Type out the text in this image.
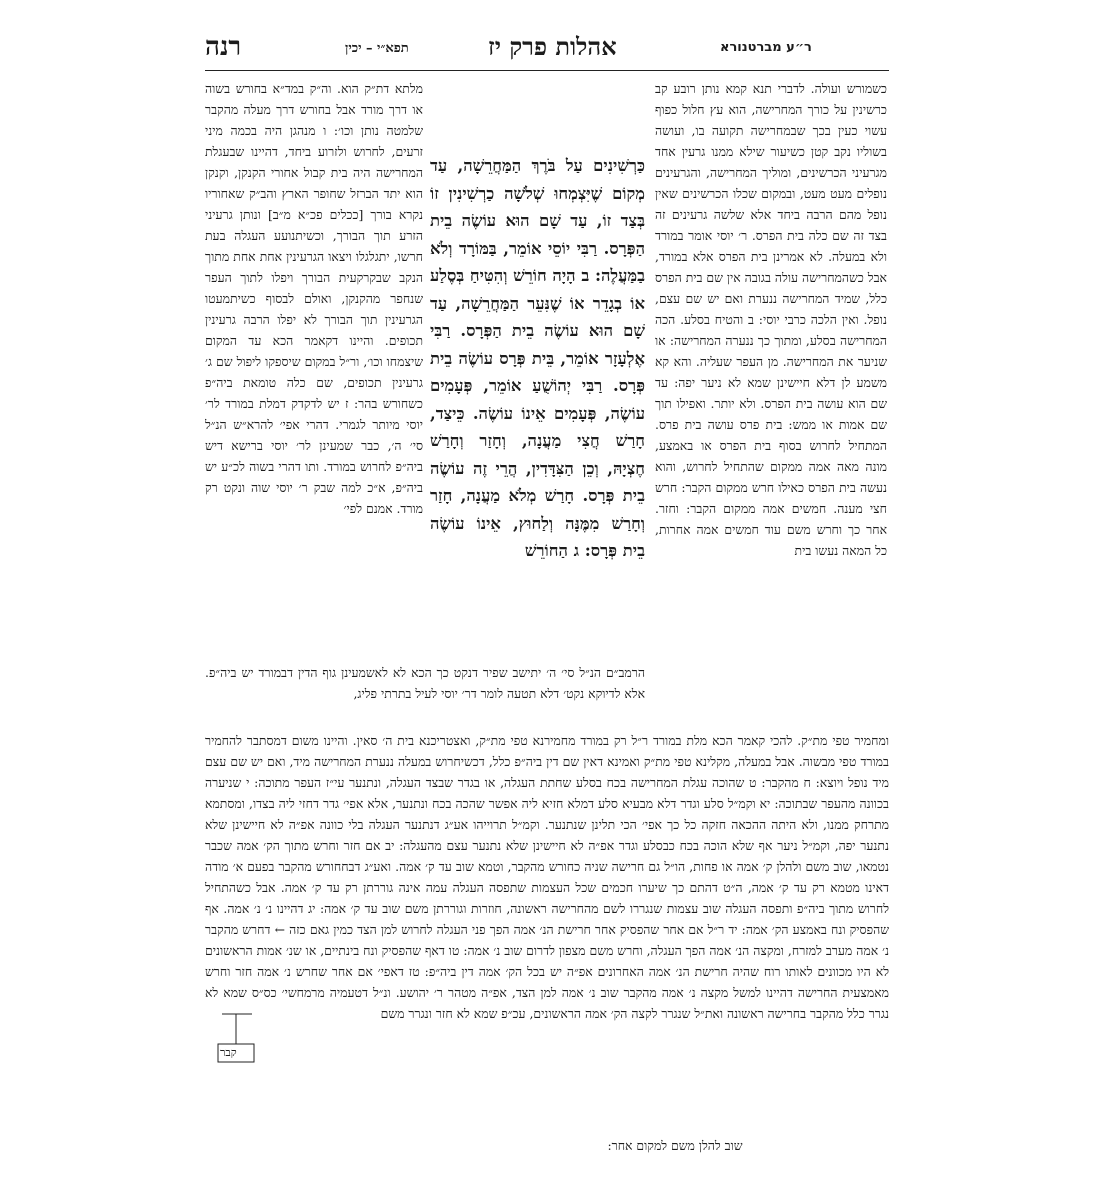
רנה	תפא״י – יכין	אהלות פרק יז	ר״ע מברטנורא
כשמורש ועולה. לדברי תנא קמא נותן רובע קב כרשינין על כורך המחרישה, הוא עץ חלול כפוף עשוי כעין בכך שבמחרישה תקועה בו, ועושה בשוליו נקב קטן כשיעור שילא ממנו גרעין אחד מגרעיני הכרשינים, ומוליך המחרישה, והגרעינים נופלים מעט מעט, ובמקום שכלו הכרשינים שאין נופל מהם הרבה ביחד אלא שלשה גרעינים זה בצד זה שם כלה בית הפרס. ר׳ יוסי אומר במורד ולא במעלה. לא אמרינן בית הפרס אלא במורד, אבל כשהמחרישה עולה בגובה אין שם בית הפרס כלל, שמיד המחרישה ננערת ואם יש שם עצם, נופל. ואין הלכה כרבי יוסי: ב והטיח בסלע. הכה המחרישה בסלע, ומתוך כך ננערה המחרישה: או שניער את המחרישה. מן העפר שעליה. והא קא משמע לן דלא חיישינן שמא לא ניער יפה: עד שם הוא עושה בית הפרס. ולא יותר. ואפילו תוך שם אמות או ממש: בית פרס עושה בית פרס. המתחיל לחרוש בסוף בית הפרס או באמצע, מונה מאה אמה ממקום שהתחיל לחרוש, והוא נעשה בית הפרס כאילו חרש ממקום הקבר: חרש חצי מענה. חמשים אמה ממקום הקבר: וחזר. אחר כך וחרש משם עוד חמשים אמה אחרות, כל המאה נעשו בית
כַּרְשִׁינִים עַל בֹּרֶךְ הַמַּחֲרֵשָׁה, עַד מְקוֹם שֶׁיִּצְמְחוּ שְׁלֹשָׁה כַרְשִׁינִין זוֹ בְּצַד זוֹ, עַד שָׁם הוּא עוֹשֶׂה בֵית הַפְּרָס. רַבִּי יוֹסֵי אוֹמֵר, בַּמּוֹרָד וְלֹא בַמַּעֲלֶה: ב הָיָה חוֹרֵשׁ וְהִטִּיחַ בְּסֶלַע אוֹ בְגָדֵר אוֹ שֶׁנִּעֵר הַמַּחֲרֵשָׁה, עַד שָׁם הוּא עוֹשֶׂה בֵית הַפְּרָס. רַבִּי אֶלְעָזָר אוֹמֵר, בֵּית פְּרָס עוֹשֶׂה בֵית פְּרָס. רַבִּי יְהוֹשֻׁעַ אוֹמֵר, פְּעָמִים עוֹשֶׂה, פְּעָמִים אֵינוֹ עוֹשֶׂה. כֵּיצַד, חָרַשׁ חֲצִי מַעֲנָה, וְחָזַר וְחָרַשׁ חֶצְיָהּ, וְכֵן הַצִּדָּדִין, הֲרֵי זֶה עוֹשֶׂה בֵית פְּרָס. חָרַשׁ מְלֹא מַעֲנָה, חָזַר וְחָרַשׁ מִמֶּנָּה וְלַחוּץ, אֵינוֹ עוֹשֶׂה בֵית פְּרָס: ג הַחוֹרֵשׁ
מלתא דת״ק הוא. וה״ק במד״א בחורש בשוה או דרך מורד אבל בחורש דרך מעלה מהקבר שלמטה נותן וכו׳: ו מנהגן היה בכמה מיני זרעים, לחרוש ולזרוע ביחד, דהיינו שבעגלת המחרישה היה בית קבול אחורי הקנקן, וקנקן הוא יתד הברזל שחופר הארץ והב״ק שאחוריו נקרא בורך [ככלים פכ״א מ״ב] ונותן גרעיני הזרע תוך הבורך, וכשיתנועע העגלה בעת חרשו, יתגלגלו ויצאו הגרעינין אחת אחת מתוך הנקב שבקרקעית הבורך ויפלו לתוך העפר שנחפר מהקנקן, ואולם לבסוף כשיתמעטו הגרעינין תוך הבורך לא יפלו הרבה גרעינין תכופים. והיינו דקאמר הכא עד המקום שיצמחו וכו׳, ור״ל במקום שיספקו ליפול שם ג׳ גרעינין תכופים, שם כלה טומאת ביה״פ כשחורש בהר: ז יש לדקדק דמלת במורד לר׳ יוסי מיותר לגמרי. דהרי אפי׳ להרא״ש הנ״ל סי׳ ה׳, כבר שמעינן לר׳ יוסי ברישא דיש ביה״פ לחרוש במורד. ותו דהרי בשוה לכ״ע יש ביה״פ, א״כ למה שבק ר׳ יוסי שוה ונקט רק מורד. אמנם לפי׳
הרמב״ם הנ״ל סי׳ ה׳ יתישב שפיר דנקט כך הכא לא לאשמעינן גוף הדין דבמורד יש ביה״פ. אלא לדיוקא נקט׳ דלא תטעה לומר דר׳ יוסי לעיל בתרתי פליג,
ומחמיר טפי מת״ק. להכי קאמר הכא מלת במורד ר״ל רק במורד מחמירנא טפי מת״ק, ואצטריכנא בית ה׳ סאין. והיינו משום דמסתבר להחמיר במורד טפי מבשוה. אבל במעלה, מקלינא טפי מת״ק ואמינא דאין שם דין ביה״פ כלל, דכשיחרוש במעלה ננערת המחרישה מיד, ואם יש שם עצם מיד נופל ויוצא: ח מהקבר: ט שהוכה עגלת המחרישה בכח בסלע שחתת העגלה, או בגדר שבצד העגלה, ונתנער עי״ז העפר מתוכה: י שניערה בכוונה מהעפר שבתוכה: יא וקמ״ל סלע וגדר דלא מבעיא סלע דמלא חזיא ליה אפשר שהכה בכח ונתנער, אלא אפי׳ גדר דחזי ליה בצדו, ומסתמא מתרחק ממנו, ולא היתה ההכאה חזקה כל כך אפי׳ הכי תלינן שנתנער. וקמ״ל תרוייהו אע״ג דנתנער העגלה בלי כוונה אפ״ה לא חיישינן שלא נתנער יפה, וקמ״ל ניער אף שלא הוכה בכח כבסלע וגדר אפ״ה לא חיישינן שלא נתנער עצם מהעגלה: יב אם חזר וחרש מתוך הק׳ אמה שכבר נטמאו, שוב משם ולהלן ק׳ אמה או פחות, הו״ל גם חרישה שניה כחורש מהקבר, וטמא שוב עד ק׳ אמה. ואע״ג דבחחורש מהקבר בפעם א׳ מודה דאינו מטמא רק עד ק׳ אמה, ה״ט דהתם כך שיערו חכמים שכל העצמות שתפסה העגלה עמה אינה גוררתן רק עד ק׳ אמה. אבל כשהתחיל לחרוש מתוך ביה״פ ותפסה העגלה שוב עצמות שנגררו לשם מהחרישה ראשונה, חוזרות וגוררתן משם שוב עד ק׳ אמה: יג דהיינו נ׳ נ׳ אמה. אף שהפסיק ונח באמצע הק׳ אמה: יד ר״ל אם אחר שהפסיק אחר חרישת הנ׳ אמה הפך פני העגלה לחרוש למן הצד כמין גאם כזה ← דחרש מהקבר נ׳ אמה מערב למזרח, ומקצה הנ׳ אמה הפך העגלה, וחרש משם מצפון לדרום שוב נ׳ אמה: טו דאף שהפסיק ונח בינתיים, או שנ׳ אמות הראשונים לא היו מכוונים לאותו רוח שהיה חרישת הנ׳ אמה האחרונים אפ״ה יש בכל הק׳ אמה דין ביה״פ: טז דאפי׳ אם אחר שחרש נ׳ אמה חזר וחרש מאמצעית החרישה דהיינו למשל מקצה נ׳ אמה מהקבר שוב נ׳ אמה למן הצד, אפ״ה מטהר ר׳ יהושע. ונ״ל דטעמיה מרמחשי׳ כס״ס שמא לא נגרר כלל מהקבר בחרישה ראשונה ואת״ל שנגרר לקצה הק׳ אמה הראשונים, עכ״פ שמא לא חזר ונגרר משם
קבר
שוב להלן משם למקום אחר:
